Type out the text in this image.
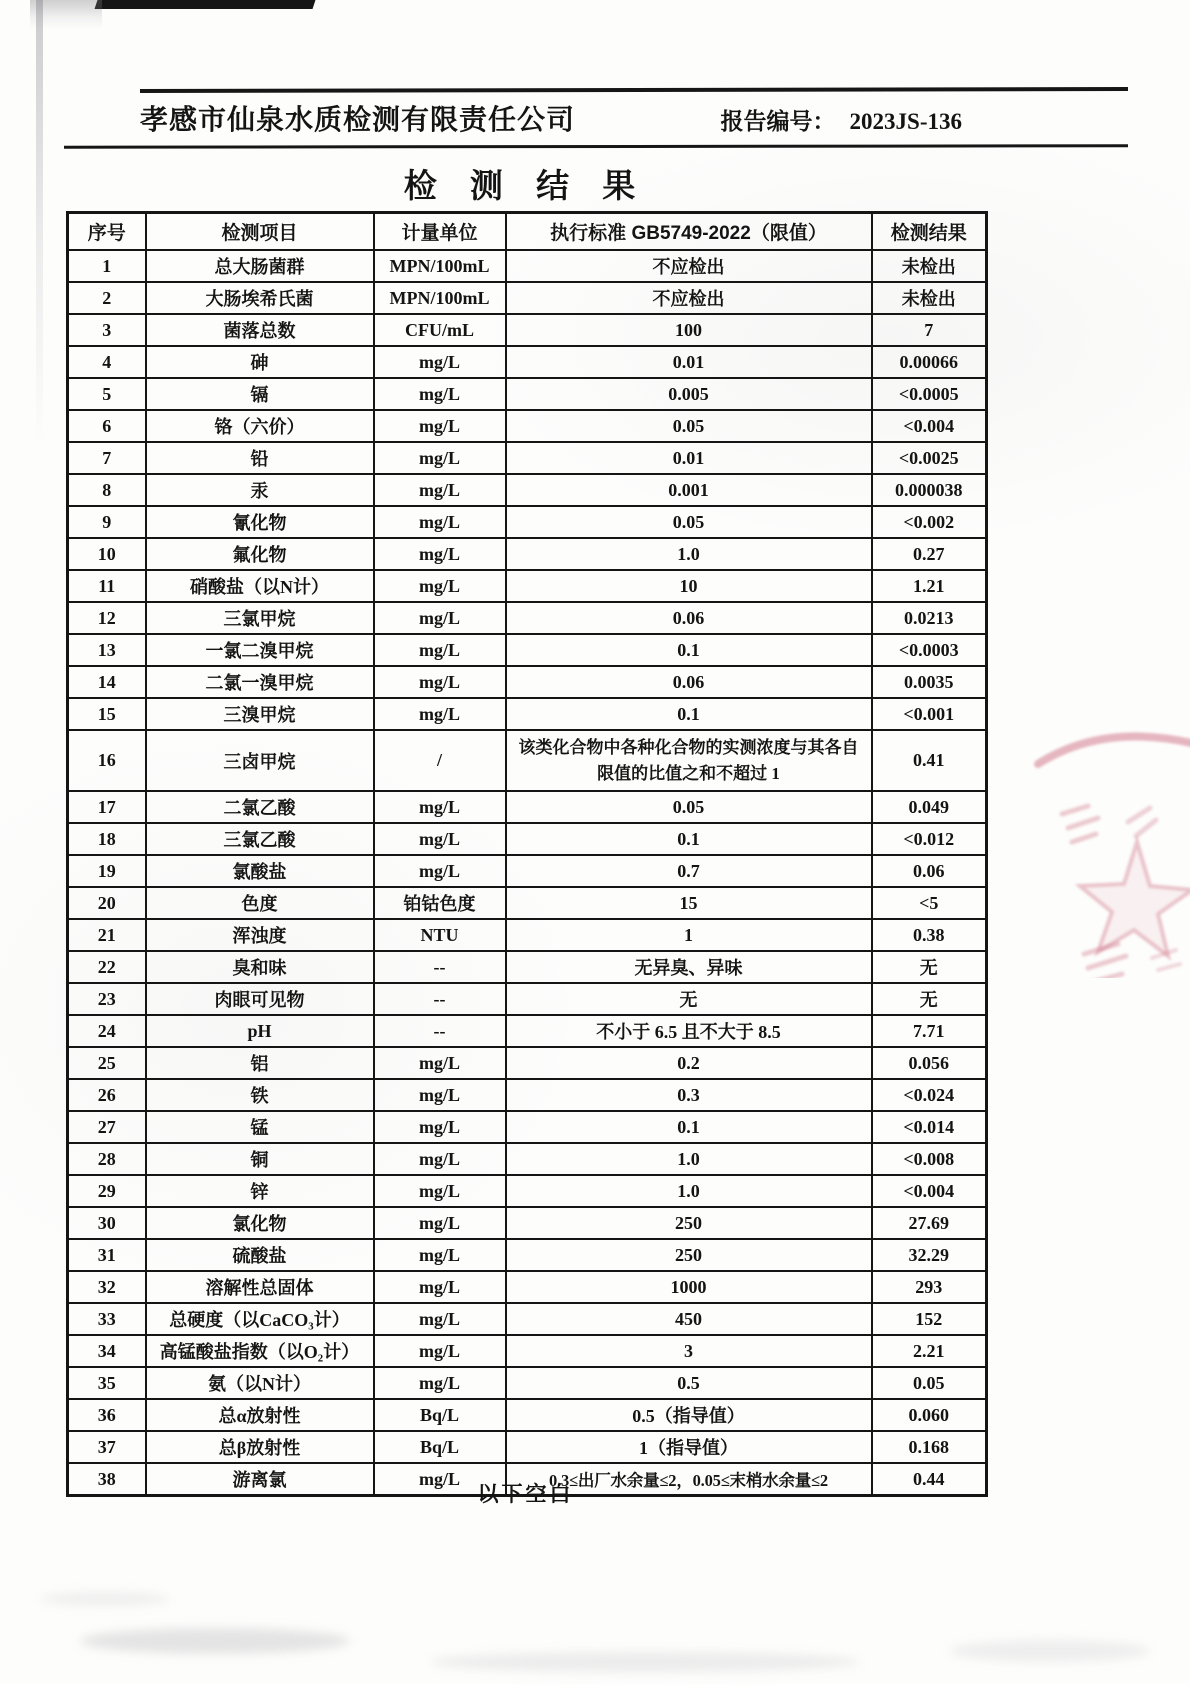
孝感市仙泉水质检测有限责任公司	报告编号： 2023JS-136
检 测 结 果
序号	检测项目	计量单位	执行标准 GB5749-2022（限值）	检测结果
1	总大肠菌群	MPN/100mL	不应检出	未检出
2	大肠埃希氏菌	MPN/100mL	不应检出	未检出
3	菌落总数	CFU/mL	100	7
4	砷	mg/L	0.01	0.00066
5	镉	mg/L	0.005	<0.0005
6	铬（六价）	mg/L	0.05	<0.004
7	铅	mg/L	0.01	<0.0025
8	汞	mg/L	0.001	0.000038
9	氰化物	mg/L	0.05	<0.002
10	氟化物	mg/L	1.0	0.27
11	硝酸盐（以N计）	mg/L	10	1.21
12	三氯甲烷	mg/L	0.06	0.0213
13	一氯二溴甲烷	mg/L	0.1	<0.0003
14	二氯一溴甲烷	mg/L	0.06	0.0035
15	三溴甲烷	mg/L	0.1	<0.001
16	三卤甲烷	/	该类化合物中各种化合物的实测浓度与其各自限值的比值之和不超过 1	0.41
17	二氯乙酸	mg/L	0.05	0.049
18	三氯乙酸	mg/L	0.1	<0.012
19	氯酸盐	mg/L	0.7	0.06
20	色度	铂钴色度	15	<5
21	浑浊度	NTU	1	0.38
22	臭和味	--	无异臭、异味	无
23	肉眼可见物	--	无	无
24	pH	--	不小于 6.5 且不大于 8.5	7.71
25	铝	mg/L	0.2	0.056
26	铁	mg/L	0.3	<0.024
27	锰	mg/L	0.1	<0.014
28	铜	mg/L	1.0	<0.008
29	锌	mg/L	1.0	<0.004
30	氯化物	mg/L	250	27.69
31	硫酸盐	mg/L	250	32.29
32	溶解性总固体	mg/L	1000	293
33	总硬度（以CaCO₃计）	mg/L	450	152
34	高锰酸盐指数（以O₂计）	mg/L	3	2.21
35	氨（以N计）	mg/L	0.5	0.05
36	总α放射性	Bq/L	0.5（指导值）	0.060
37	总β放射性	Bq/L	1（指导值）	0.168
38	游离氯	mg/L	0.3≤出厂水余量≤2，0.05≤末梢水余量≤2	0.44
以下空白
